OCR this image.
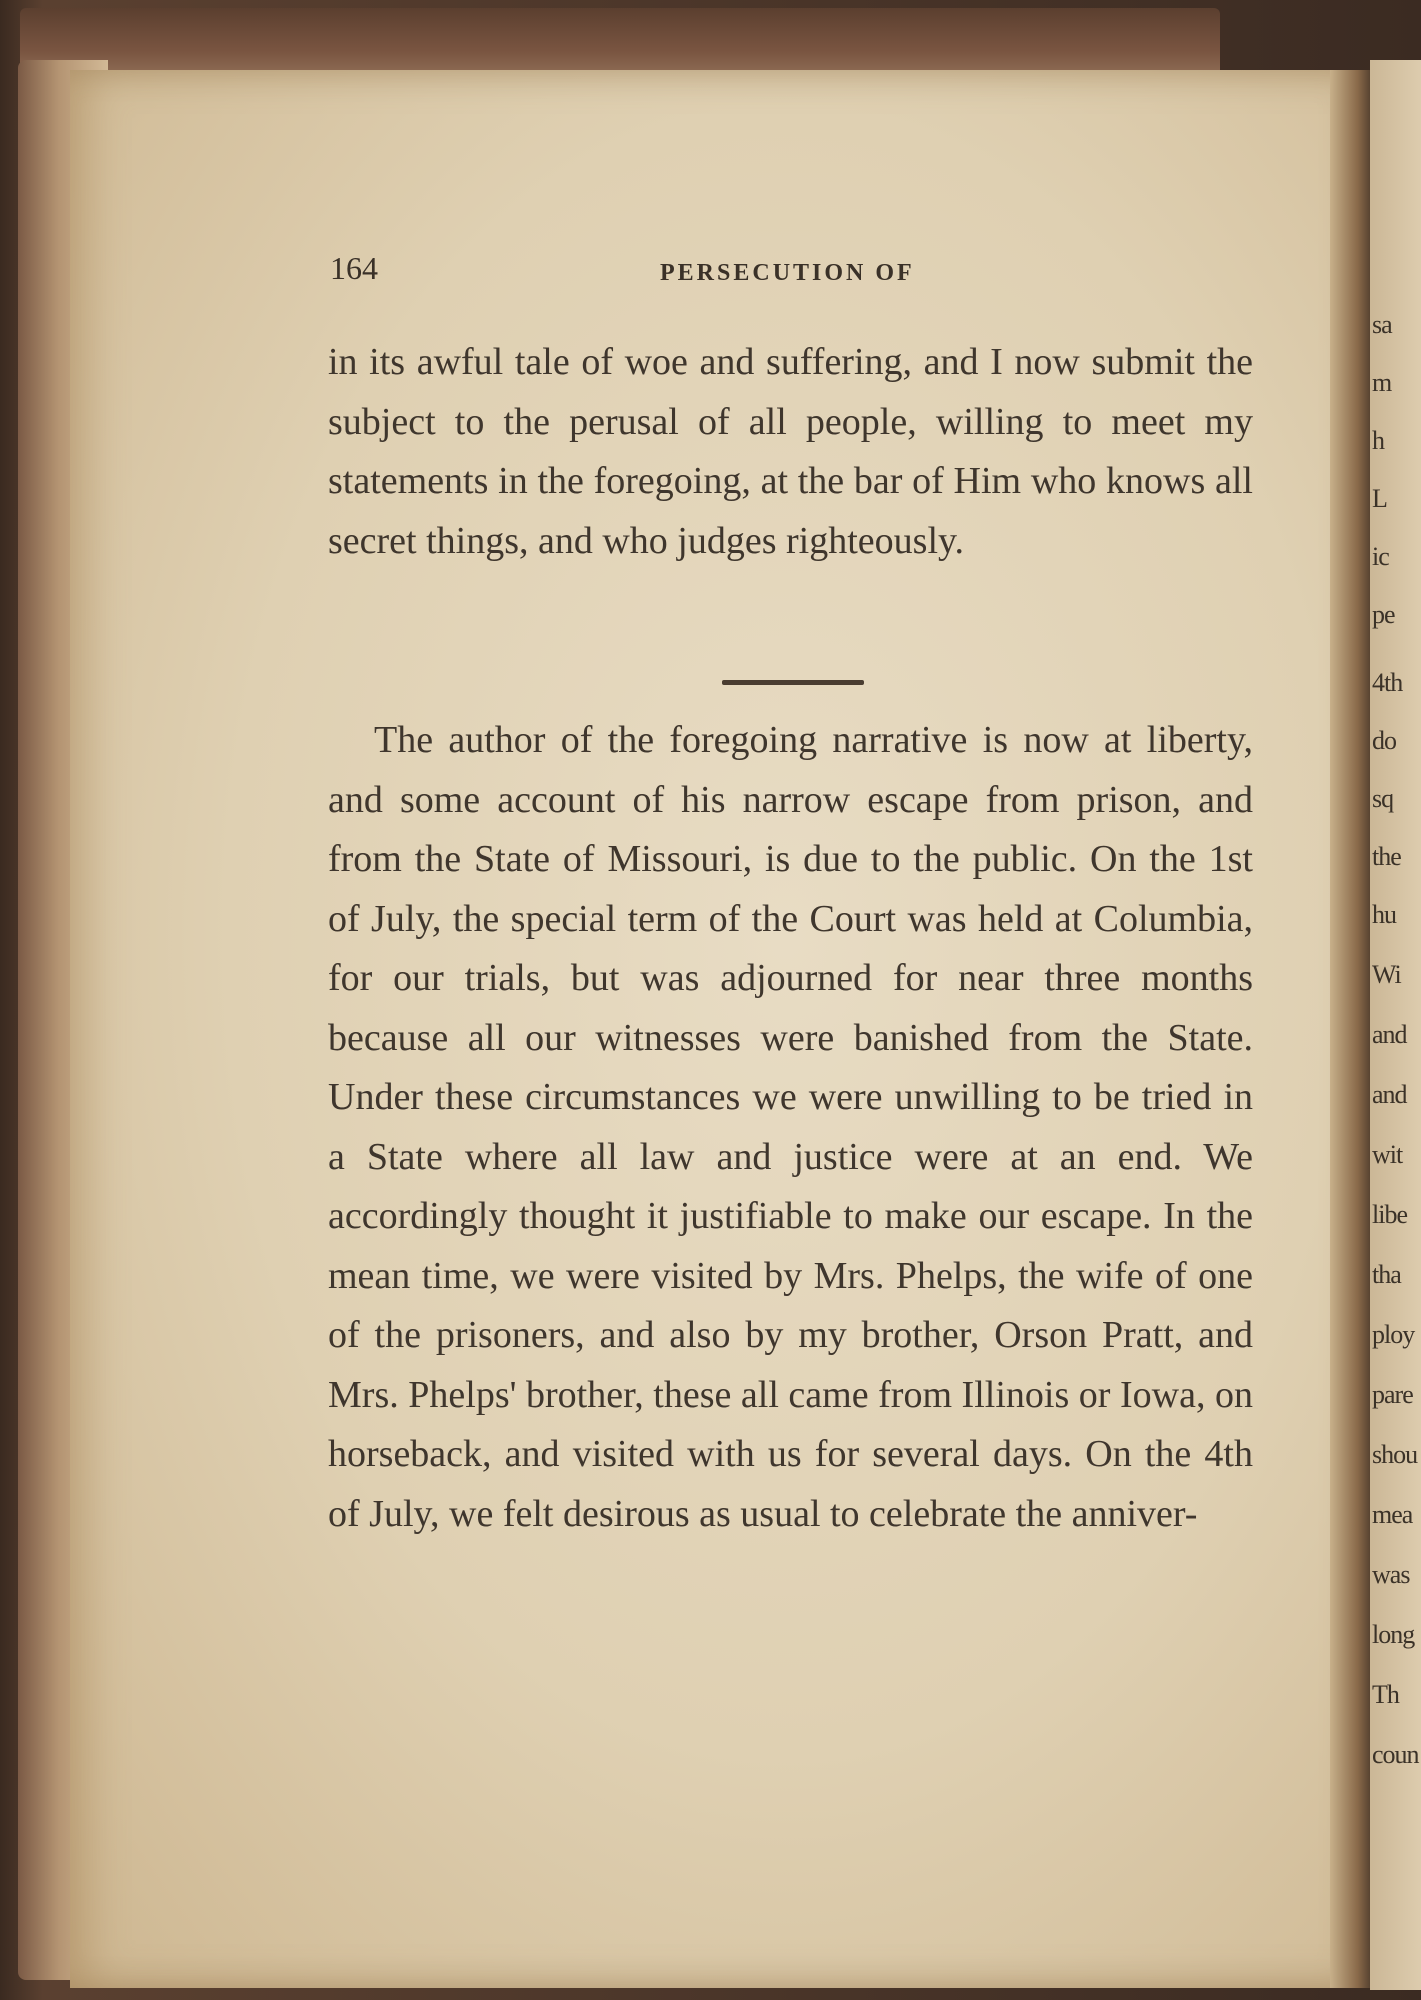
164	PERSECUTION OF
in its awful tale of woe and suffering, and I now submit the subject to the perusal of all people, willing to meet my statements in the foregoing, at the bar of Him who knows all secret things, and who judges righteously.
The author of the foregoing narrative is now at liberty, and some account of his narrow escape from prison, and from the State of Missouri, is due to the public. On the 1st of July, the special term of the Court was held at Columbia, for our trials, but was adjourned for near three months because all our witnesses were banished from the State. Under these circumstances we were unwilling to be tried in a State where all law and justice were at an end. We accordingly thought it justifiable to make our escape. In the mean time, we were visited by Mrs. Phelps, the wife of one of the prisoners, and also by my brother, Orson Pratt, and Mrs. Phelps' brother, these all came from Illinois or Iowa, on horseback, and visited with us for several days. On the 4th of July, we felt desirous as usual to celebrate the anniver-
sa
m
h
L
ic
pe
4th
do
sq
the
hu
Wi
and
and
wit
libe
tha
ploy
pare
shou
mea
was
long
Th
coun
